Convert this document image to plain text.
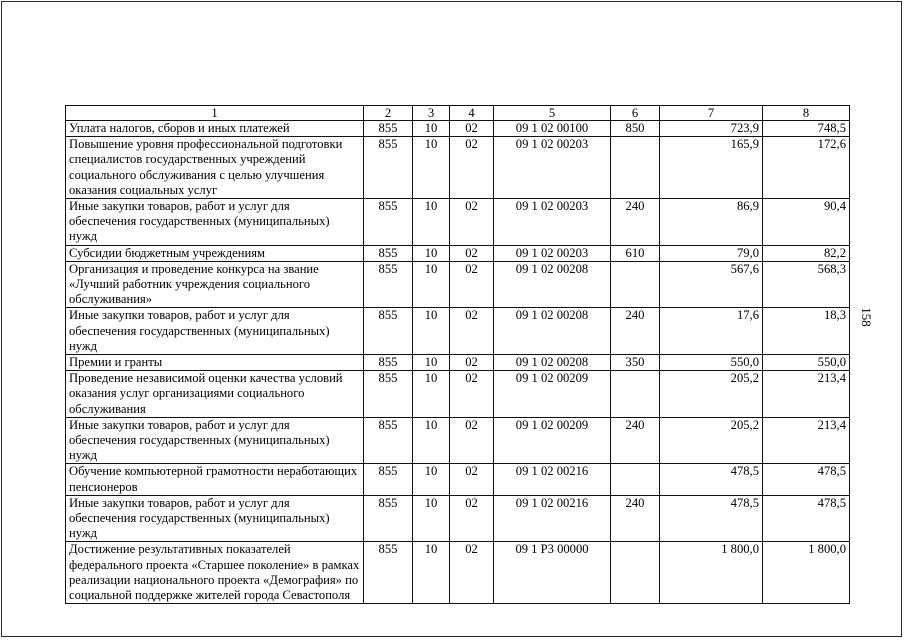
158
1	2	3	4	5	6	7	8
Уплата налогов, сборов и иных платежей	855	10	02	09 1 02 00100	850	723,9	748,5
Повышение уровня профессиональной подготовки специалистов государственных учреждений социального обслуживания с целью улучшения оказания социальных услуг	855	10	02	09 1 02 00203		165,9	172,6
Иные закупки товаров, работ и услуг для обеспечения государственных (муниципальных) нужд	855	10	02	09 1 02 00203	240	86,9	90,4
Субсидии бюджетным учреждениям	855	10	02	09 1 02 00203	610	79,0	82,2
Организация и проведение конкурса на звание «Лучший работник учреждения социального обслуживания»	855	10	02	09 1 02 00208		567,6	568,3
Иные закупки товаров, работ и услуг для обеспечения государственных (муниципальных) нужд	855	10	02	09 1 02 00208	240	17,6	18,3
Премии и гранты	855	10	02	09 1 02 00208	350	550,0	550,0
Проведение независимой оценки качества условий оказания услуг организациями социального обслуживания	855	10	02	09 1 02 00209		205,2	213,4
Иные закупки товаров, работ и услуг для обеспечения государственных (муниципальных) нужд	855	10	02	09 1 02 00209	240	205,2	213,4
Обучение компьютерной грамотности неработающих пенсионеров	855	10	02	09 1 02 00216		478,5	478,5
Иные закупки товаров, работ и услуг для обеспечения государственных (муниципальных) нужд	855	10	02	09 1 02 00216	240	478,5	478,5
Достижение результативных показателей федерального проекта «Старшее поколение» в рамках реализации национального проекта «Демография» по социальной поддержке жителей города Севастополя	855	10	02	09 1 P3 00000		1 800,0	1 800,0
